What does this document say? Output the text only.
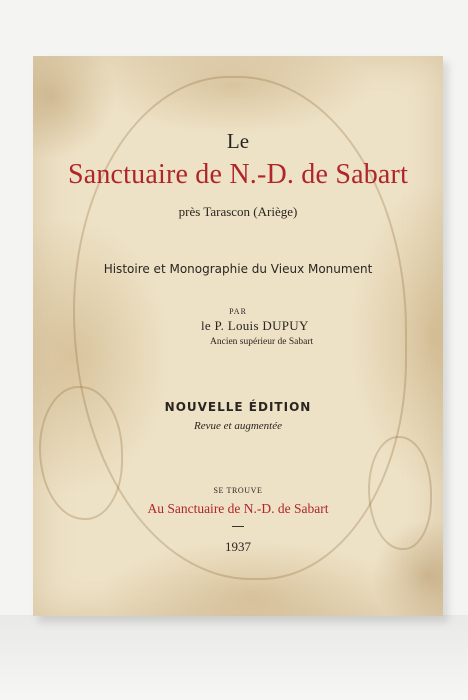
Le
Sanctuaire de N.-D. de Sabart
près Tarascon (Ariège)
Histoire et Monographie du Vieux Monument
PAR
le P. Louis DUPUY
Ancien supérieur de Sabart
NOUVELLE ÉDITION
Revue et augmentée
SE TROUVE
Au Sanctuaire de N.-D. de Sabart
1937
